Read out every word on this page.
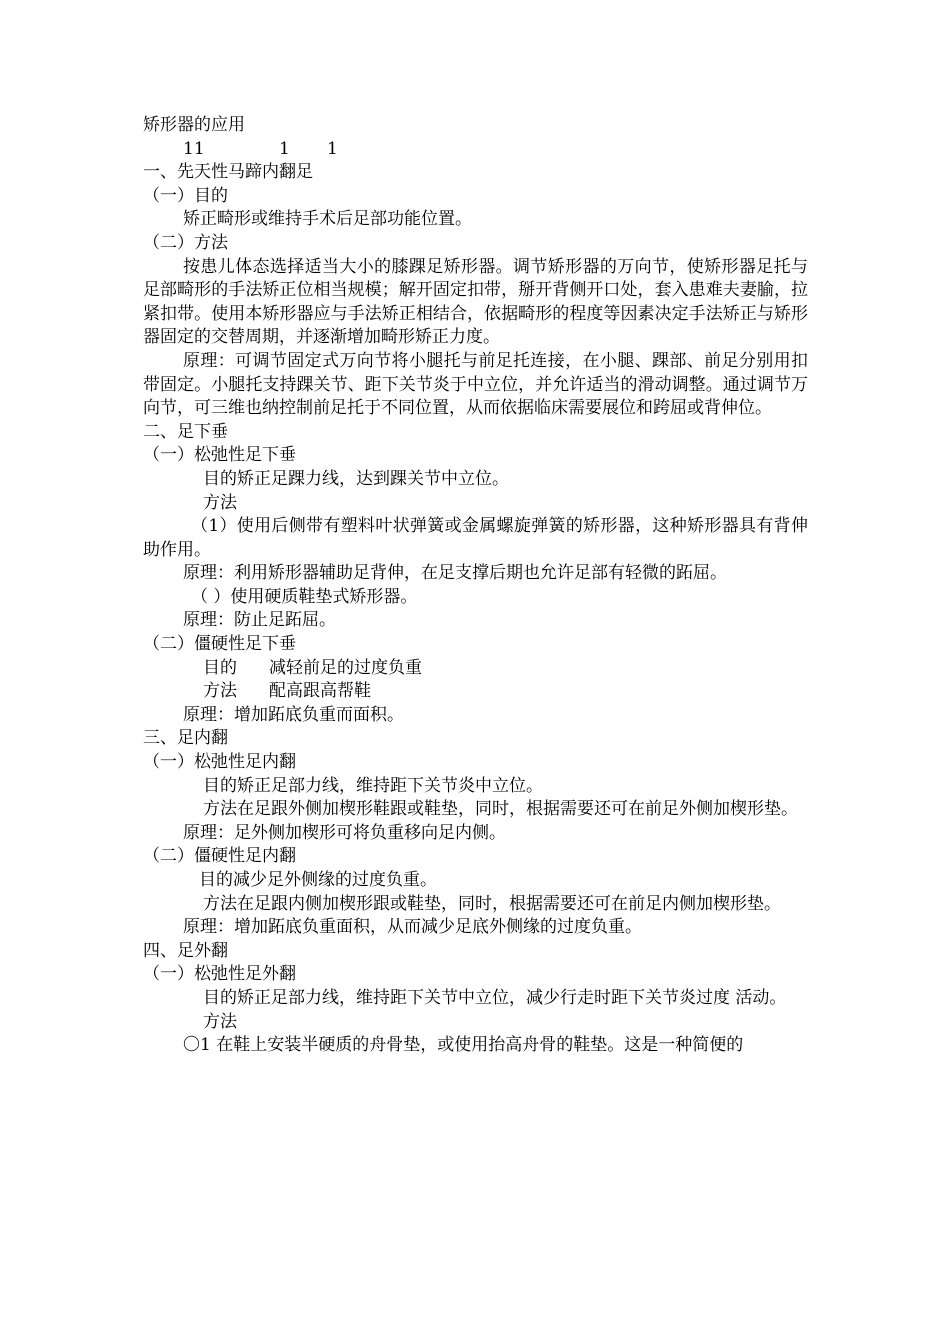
矫形器的应用
11	1 1
一、先天性马蹄内翻足
（一）目的
矫正畸形或维持手术后足部功能位置。
（二）方法
按患儿体态选择适当大小的膝踝足矫形器。调节矫形器的万向节，使矫形器足托与足部畸形的手法矫正位相当规模；解开固定扣带，掰开背侧开口处，套入患难夫妻腧，拉紧扣带。使用本矫形器应与手法矫正相结合，依据畸形的程度等因素决定手法矫正与矫形器固定的交替周期，并逐渐增加畸形矫正力度。
原理：可调节固定式万向节将小腿托与前足托连接，在小腿、踝部、前足分别用扣带固定。小腿托支持踝关节、距下关节炎于中立位，并允许适当的滑动调整。通过调节万向节，可三维也纳控制前足托于不同位置，从而依据临床需要展位和跨屈或背伸位。
二、足下垂
（一）松弛性足下垂
目的矫正足踝力线，达到踝关节中立位。
方法
（1）使用后侧带有塑料叶状弹簧或金属螺旋弹簧的矫形器，这种矫形器具有背伸助作用。
原理：利用矫形器辅助足背伸，在足支撑后期也允许足部有轻微的跖屈。
（ ）使用硬质鞋垫式矫形器。
原理：防止足跖屈。
（二）僵硬性足下垂
目的 减轻前足的过度负重
方法 配高跟高帮鞋
原理：增加跖底负重而面积。
三、足内翻
（一）松弛性足内翻
目的矫正足部力线，维持距下关节炎中立位。
方法在足跟外侧加楔形鞋跟或鞋垫，同时，根据需要还可在前足外侧加楔形垫。
原理：足外侧加楔形可将负重移向足内侧。
（二）僵硬性足内翻
目的减少足外侧缘的过度负重。
方法在足跟内侧加楔形跟或鞋垫，同时，根据需要还可在前足内侧加楔形垫。
原理：增加跖底负重面积，从而减少足底外侧缘的过度负重。
四、足外翻
（一）松弛性足外翻
目的矫正足部力线，维持距下关节中立位，减少行走时距下关节炎过度 活动。
方法
〇1 在鞋上安装半硬质的舟骨垫，或使用抬高舟骨的鞋垫。这是一种简便的
